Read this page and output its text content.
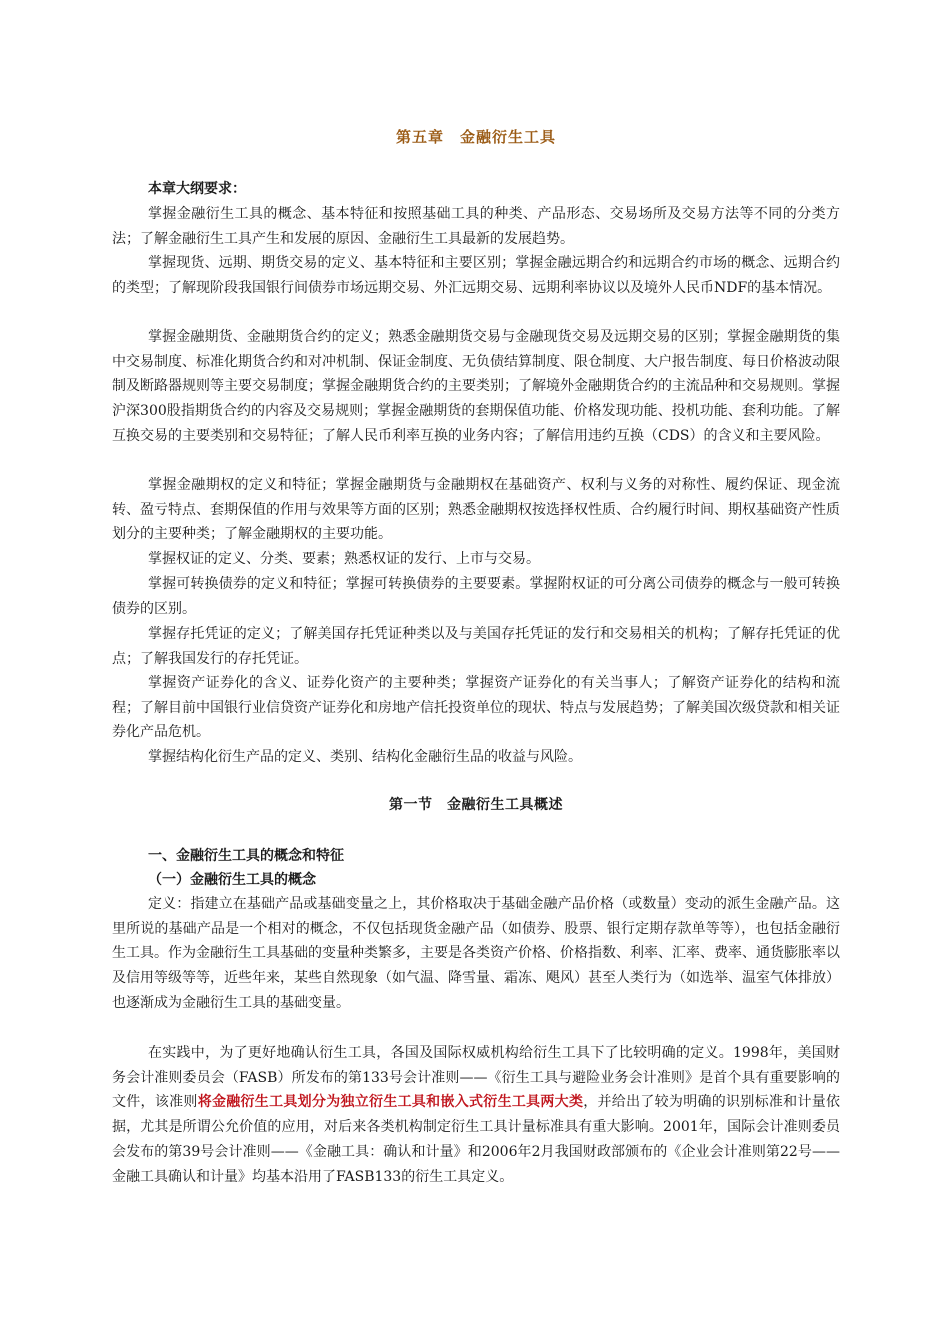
第五章　金融衍生工具
本章大纲要求：

掌握金融衍生工具的概念、基本特征和按照基础工具的种类、产品形态、交易场所及交易方法等不同的分类方法；了解金融衍生工具产生和发展的原因、金融衍生工具最新的发展趋势。

掌握现货、远期、期货交易的定义、基本特征和主要区别；掌握金融远期合约和远期合约市场的概念、远期合约的类型；了解现阶段我国银行间债券市场远期交易、外汇远期交易、远期利率协议以及境外人民币NDF的基本情况。

掌握金融期货、金融期货合约的定义；熟悉金融期货交易与金融现货交易及远期交易的区别；掌握金融期货的集中交易制度、标准化期货合约和对冲机制、保证金制度、无负债结算制度、限仓制度、大户报告制度、每日价格波动限制及断路器规则等主要交易制度；掌握金融期货合约的主要类别；了解境外金融期货合约的主流品种和交易规则。掌握沪深300股指期货合约的内容及交易规则；掌握金融期货的套期保值功能、价格发现功能、投机功能、套利功能。了解互换交易的主要类别和交易特征；了解人民币利率互换的业务内容；了解信用违约互换（CDS）的含义和主要风险。

掌握金融期权的定义和特征；掌握金融期货与金融期权在基础资产、权利与义务的对称性、履约保证、现金流转、盈亏特点、套期保值的作用与效果等方面的区别；熟悉金融期权按选择权性质、合约履行时间、期权基础资产性质划分的主要种类；了解金融期权的主要功能。

掌握权证的定义、分类、要素；熟悉权证的发行、上市与交易。

掌握可转换债券的定义和特征；掌握可转换债券的主要要素。掌握附权证的可分离公司债券的概念与一般可转换债券的区别。

掌握存托凭证的定义；了解美国存托凭证种类以及与美国存托凭证的发行和交易相关的机构；了解存托凭证的优点；了解我国发行的存托凭证。

掌握资产证券化的含义、证券化资产的主要种类；掌握资产证券化的有关当事人；了解资产证券化的结构和流程；了解目前中国银行业信贷资产证券化和房地产信托投资单位的现状、特点与发展趋势；了解美国次级贷款和相关证券化产品危机。

掌握结构化衍生产品的定义、类别、结构化金融衍生品的收益与风险。

第一节　金融衍生工具概述
一、金融衍生工具的概念和特征
（一）金融衍生工具的概念

定义：指建立在基础产品或基础变量之上，其价格取决于基础金融产品价格（或数量）变动的派生金融产品。这里所说的基础产品是一个相对的概念，不仅包括现货金融产品（如债券、股票、银行定期存款单等等），也包括金融衍生工具。作为金融衍生工具基础的变量种类繁多，主要是各类资产价格、价格指数、利率、汇率、费率、通货膨胀率以及信用等级等等，近些年来，某些自然现象（如气温、降雪量、霜冻、飓风）甚至人类行为（如选举、温室气体排放）也逐渐成为金融衍生工具的基础变量。

在实践中，为了更好地确认衍生工具，各国及国际权威机构给衍生工具下了比较明确的定义。1998年，美国财务会计准则委员会（FASB）所发布的第133号会计准则——《衍生工具与避险业务会计准则》是首个具有重要影响的文件，该准则将金融衍生工具划分为独立衍生工具和嵌入式衍生工具两大类，并给出了较为明确的识别标准和计量依据，尤其是所谓公允价值的应用，对后来各类机构制定衍生工具计量标准具有重大影响。2001年，国际会计准则委员会发布的第39号会计准则——《金融工具：确认和计量》和2006年2月我国财政部颁布的《企业会计准则第22号——金融工具确认和计量》均基本沿用了FASB133的衍生工具定义。
